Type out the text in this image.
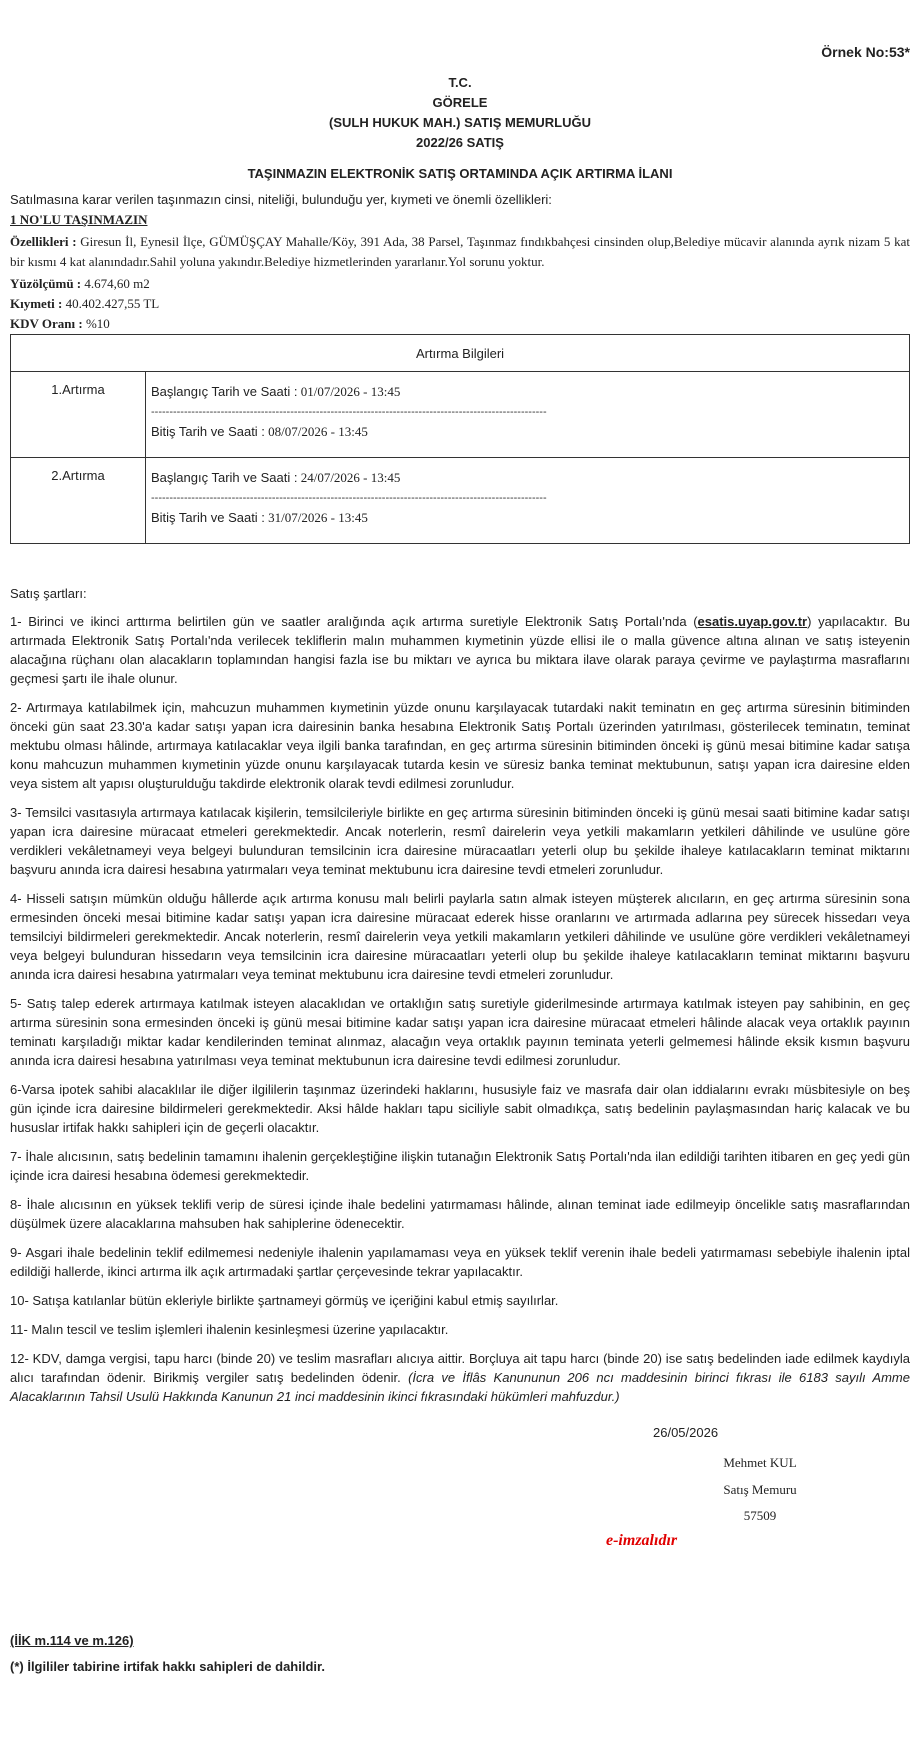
Örnek No:53*
T.C.
GÖRELE
(SULH HUKUK MAH.) SATIŞ MEMURLUĞU
2022/26 SATIŞ
TAŞINMAZIN ELEKTRONİK SATIŞ ORTAMINDA AÇIK ARTIRMA İLANI
Satılmasına karar verilen taşınmazın cinsi, niteliği, bulunduğu yer, kıymeti ve önemli özellikleri:
1 NO'LU TAŞINMAZIN
Özellikleri : Giresun İl, Eynesil İlçe, GÜMÜŞÇAY Mahalle/Köy, 391 Ada, 38 Parsel, Taşınmaz fındıkbahçesi cinsinden olup,Belediye mücavir alanında ayrık nizam 5 kat bir kısmı 4 kat alanındadır.Sahil yoluna yakındır.Belediye hizmetlerinden yararlanır.Yol sorunu yoktur.
Yüzölçümü : 4.674,60 m2
Kıymeti : 40.402.427,55 TL
KDV Oranı : %10
Artırma Bilgileri	
1.Artırma	Başlangıç Tarih ve Saati : 01/07/2026 - 13:45
------------------------------------------------------------------------------------------------------------
Bitiş Tarih ve Saati : 08/07/2026 - 13:45

2.Artırma	Başlangıç Tarih ve Saati : 24/07/2026 - 13:45
------------------------------------------------------------------------------------------------------------
Bitiş Tarih ve Saati : 31/07/2026 - 13:45
Satış şartları:

1- Birinci ve ikinci arttırma belirtilen gün ve saatler aralığında açık artırma suretiyle Elektronik Satış Portalı'nda (esatis.uyap.gov.tr) yapılacaktır. Bu artırmada Elektronik Satış Portalı'nda verilecek tekliflerin malın muhammen kıymetinin yüzde ellisi ile o malla güvence altına alınan ve satış isteyenin alacağına rüçhanı olan alacakların toplamından hangisi fazla ise bu miktarı ve ayrıca bu miktara ilave olarak paraya çevirme ve paylaştırma masraflarını geçmesi şartı ile ihale olunur.

2- Artırmaya katılabilmek için, mahcuzun muhammen kıymetinin yüzde onunu karşılayacak tutardaki nakit teminatın en geç artırma süresinin bitiminden önceki gün saat 23.30'a kadar satışı yapan icra dairesinin banka hesabına Elektronik Satış Portalı üzerinden yatırılması, gösterilecek teminatın, teminat mektubu olması hâlinde, artırmaya katılacaklar veya ilgili banka tarafından, en geç artırma süresinin bitiminden önceki iş günü mesai bitimine kadar satışa konu mahcuzun muhammen kıymetinin yüzde onunu karşılayacak tutarda kesin ve süresiz banka teminat mektubunun, satışı yapan icra dairesine elden veya sistem alt yapısı oluşturulduğu takdirde elektronik olarak tevdi edilmesi zorunludur.

3- Temsilci vasıtasıyla artırmaya katılacak kişilerin, temsilcileriyle birlikte en geç artırma süresinin bitiminden önceki iş günü mesai saati bitimine kadar satışı yapan icra dairesine müracaat etmeleri gerekmektedir. Ancak noterlerin, resmî dairelerin veya yetkili makamların yetkileri dâhilinde ve usulüne göre verdikleri vekâletnameyi veya belgeyi bulunduran temsilcinin icra dairesine müracaatları yeterli olup bu şekilde ihaleye katılacakların teminat miktarını başvuru anında icra dairesi hesabına yatırmaları veya teminat mektubunu icra dairesine tevdi etmeleri zorunludur.

4- Hisseli satışın mümkün olduğu hâllerde açık artırma konusu malı belirli paylarla satın almak isteyen müşterek alıcıların, en geç artırma süresinin sona ermesinden önceki mesai bitimine kadar satışı yapan icra dairesine müracaat ederek hisse oranlarını ve artırmada adlarına pey sürecek hissedarı veya temsilciyi bildirmeleri gerekmektedir. Ancak noterlerin, resmî dairelerin veya yetkili makamların yetkileri dâhilinde ve usulüne göre verdikleri vekâletnameyi veya belgeyi bulunduran hissedarın veya temsilcinin icra dairesine müracaatları yeterli olup bu şekilde ihaleye katılacakların teminat miktarını başvuru anında icra dairesi hesabına yatırmaları veya teminat mektubunu icra dairesine tevdi etmeleri zorunludur.

5- Satış talep ederek artırmaya katılmak isteyen alacaklıdan ve ortaklığın satış suretiyle giderilmesinde artırmaya katılmak isteyen pay sahibinin, en geç artırma süresinin sona ermesinden önceki iş günü mesai bitimine kadar satışı yapan icra dairesine müracaat etmeleri hâlinde alacak veya ortaklık payının teminatı karşıladığı miktar kadar kendilerinden teminat alınmaz, alacağın veya ortaklık payının teminata yeterli gelmemesi hâlinde eksik kısmın başvuru anında icra dairesi hesabına yatırılması veya teminat mektubunun icra dairesine tevdi edilmesi zorunludur.

6-Varsa ipotek sahibi alacaklılar ile diğer ilgililerin taşınmaz üzerindeki haklarını, hususiyle faiz ve masrafa dair olan iddialarını evrakı müsbitesiyle on beş gün içinde icra dairesine bildirmeleri gerekmektedir. Aksi hâlde hakları tapu siciliyle sabit olmadıkça, satış bedelinin paylaşmasından hariç kalacak ve bu hususlar irtifak hakkı sahipleri için de geçerli olacaktır.

7- İhale alıcısının, satış bedelinin tamamını ihalenin gerçekleştiğine ilişkin tutanağın Elektronik Satış Portalı'nda ilan edildiği tarihten itibaren en geç yedi gün içinde icra dairesi hesabına ödemesi gerekmektedir.

8- İhale alıcısının en yüksek teklifi verip de süresi içinde ihale bedelini yatırmaması hâlinde, alınan teminat iade edilmeyip öncelikle satış masraflarından düşülmek üzere alacaklarına mahsuben hak sahiplerine ödenecektir.

9- Asgari ihale bedelinin teklif edilmemesi nedeniyle ihalenin yapılamaması veya en yüksek teklif verenin ihale bedeli yatırmaması sebebiyle ihalenin iptal edildiği hallerde, ikinci artırma ilk açık artırmadaki şartlar çerçevesinde tekrar yapılacaktır.

10- Satışa katılanlar bütün ekleriyle birlikte şartnameyi görmüş ve içeriğini kabul etmiş sayılırlar.

11- Malın tescil ve teslim işlemleri ihalenin kesinleşmesi üzerine yapılacaktır.

12- KDV, damga vergisi, tapu harcı (binde 20) ve teslim masrafları alıcıya aittir. Borçluya ait tapu harcı (binde 20) ise satış bedelinden iade edilmek kaydıyla alıcı tarafından ödenir. Birikmiş vergiler satış bedelinden ödenir. (İcra ve İflâs Kanununun 206 ncı maddesinin birinci fıkrası ile 6183 sayılı Amme Alacaklarının Tahsil Usulü Hakkında Kanunun 21 inci maddesinin ikinci fıkrasındaki hükümleri mahfuzdur.)

26/05/2026
Mehmet KUL
Satış Memuru
57509
e-imzalıdır
(İİK m.114 ve m.126)
(*) İlgililer tabirine irtifak hakkı sahipleri de dahildir.
